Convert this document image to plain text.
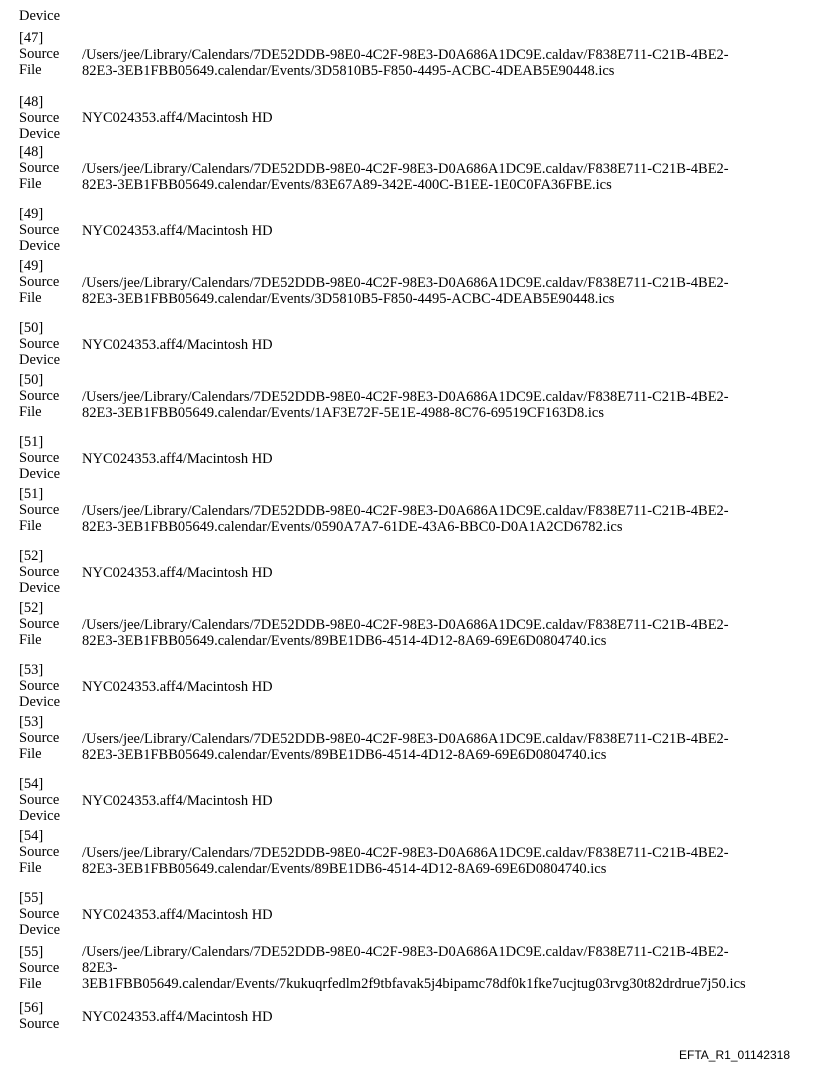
Device
[47]
Source
File
/Users/jee/Library/Calendars/7DE52DDB-98E0-4C2F-98E3-D0A686A1DC9E.caldav/F838E711-C21B-4BE2-
82E3-3EB1FBB05649.calendar/Events/3D5810B5-F850-4495-ACBC-4DEAB5E90448.ics
[48]
Source
Device
NYC024353.aff4/Macintosh HD
[48]
Source
File
/Users/jee/Library/Calendars/7DE52DDB-98E0-4C2F-98E3-D0A686A1DC9E.caldav/F838E711-C21B-4BE2-
82E3-3EB1FBB05649.calendar/Events/83E67A89-342E-400C-B1EE-1E0C0FA36FBE.ics
[49]
Source
Device
NYC024353.aff4/Macintosh HD
[49]
Source
File
/Users/jee/Library/Calendars/7DE52DDB-98E0-4C2F-98E3-D0A686A1DC9E.caldav/F838E711-C21B-4BE2-
82E3-3EB1FBB05649.calendar/Events/3D5810B5-F850-4495-ACBC-4DEAB5E90448.ics
[50]
Source
Device
NYC024353.aff4/Macintosh HD
[50]
Source
File
/Users/jee/Library/Calendars/7DE52DDB-98E0-4C2F-98E3-D0A686A1DC9E.caldav/F838E711-C21B-4BE2-
82E3-3EB1FBB05649.calendar/Events/1AF3E72F-5E1E-4988-8C76-69519CF163D8.ics
[51]
Source
Device
NYC024353.aff4/Macintosh HD
[51]
Source
File
/Users/jee/Library/Calendars/7DE52DDB-98E0-4C2F-98E3-D0A686A1DC9E.caldav/F838E711-C21B-4BE2-
82E3-3EB1FBB05649.calendar/Events/0590A7A7-61DE-43A6-BBC0-D0A1A2CD6782.ics
[52]
Source
Device
NYC024353.aff4/Macintosh HD
[52]
Source
File
/Users/jee/Library/Calendars/7DE52DDB-98E0-4C2F-98E3-D0A686A1DC9E.caldav/F838E711-C21B-4BE2-
82E3-3EB1FBB05649.calendar/Events/89BE1DB6-4514-4D12-8A69-69E6D0804740.ics
[53]
Source
Device
NYC024353.aff4/Macintosh HD
[53]
Source
File
/Users/jee/Library/Calendars/7DE52DDB-98E0-4C2F-98E3-D0A686A1DC9E.caldav/F838E711-C21B-4BE2-
82E3-3EB1FBB05649.calendar/Events/89BE1DB6-4514-4D12-8A69-69E6D0804740.ics
[54]
Source
Device
NYC024353.aff4/Macintosh HD
[54]
Source
File
/Users/jee/Library/Calendars/7DE52DDB-98E0-4C2F-98E3-D0A686A1DC9E.caldav/F838E711-C21B-4BE2-
82E3-3EB1FBB05649.calendar/Events/89BE1DB6-4514-4D12-8A69-69E6D0804740.ics
[55]
Source
Device
NYC024353.aff4/Macintosh HD
[55]
Source
File
/Users/jee/Library/Calendars/7DE52DDB-98E0-4C2F-98E3-D0A686A1DC9E.caldav/F838E711-C21B-4BE2-
82E3-
3EB1FBB05649.calendar/Events/7kukuqrfedlm2f9tbfavak5j4bipamc78df0k1fke7ucjtug03rvg30t82drdrue7j50.ics
[56]
Source	NYC024353.aff4/Macintosh HD
EFTA_R1_01142318
